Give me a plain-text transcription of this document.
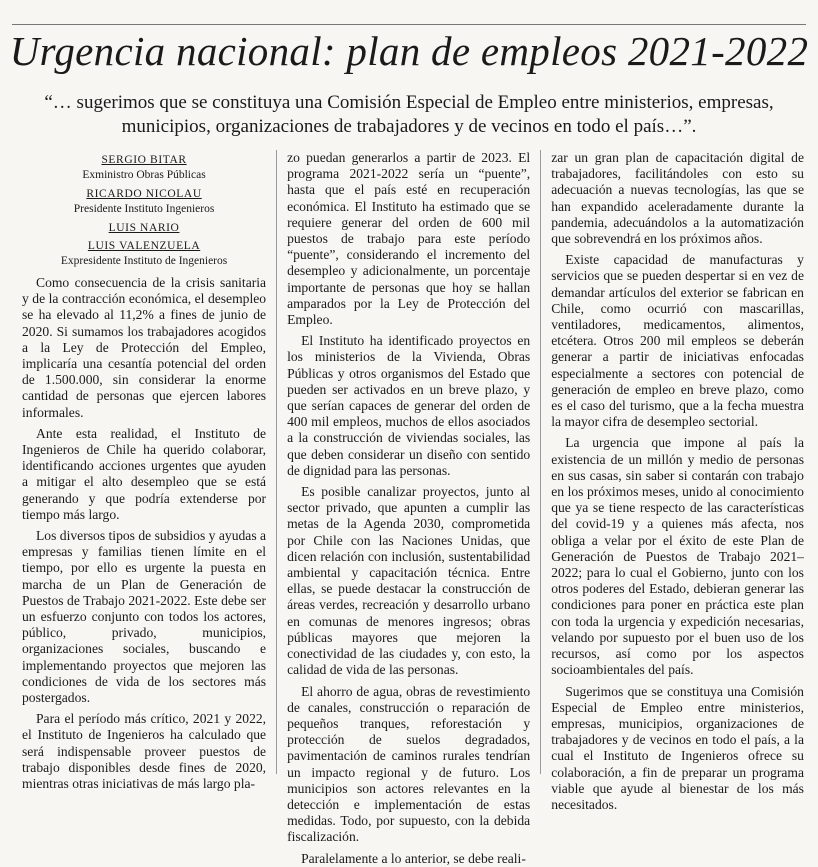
Urgencia nacional: plan de empleos 2021-2022
“… sugerimos que se constituya una Comisión Especial de Empleo entre ministerios, empresas, municipios, organizaciones de trabajadores y de vecinos en todo el país…”.
SERGIO BITAR
Exministro Obras Públicas
RICARDO NICOLAU
Presidente Instituto Ingenieros
LUIS NARIO
LUIS VALENZUELA
Expresidente Instituto de Ingenieros

Como consecuencia de la crisis sanitaria y de la contracción económica, el desempleo se ha elevado al 11,2% a fines de junio de 2020. Si sumamos los trabajadores acogidos a la Ley de Protección del Empleo, implicaría una cesantía potencial del orden de 1.500.000, sin considerar la enorme cantidad de personas que ejercen labores informales.

Ante esta realidad, el Instituto de Ingenieros de Chile ha querido colaborar, identificando acciones urgentes que ayuden a mitigar el alto desempleo que se está generando y que podría extenderse por tiempo más largo.

Los diversos tipos de subsidios y ayudas a empresas y familias tienen límite en el tiempo, por ello es urgente la puesta en marcha de un Plan de Generación de Puestos de Trabajo 2021-2022. Este debe ser un esfuerzo conjunto con todos los actores, público, privado, municipios, organizaciones sociales, buscando e implementando proyectos que mejoren las condiciones de vida de los sectores más postergados.

Para el período más crítico, 2021 y 2022, el Instituto de Ingenieros ha calculado que será indispensable proveer puestos de trabajo disponibles desde fines de 2020, mientras otras iniciativas de más largo pla-

zo puedan generarlos a partir de 2023. El programa 2021-2022 sería un “puente”, hasta que el país esté en recuperación económica. El Instituto ha estimado que se requiere generar del orden de 600 mil puestos de trabajo para este período “puente”, considerando el incremento del desempleo y adicionalmente, un porcentaje importante de personas que hoy se hallan amparados por la Ley de Protección del Empleo.

El Instituto ha identificado proyectos en los ministerios de la Vivienda, Obras Públicas y otros organismos del Estado que pueden ser activados en un breve plazo, y que serían capaces de generar del orden de 400 mil empleos, muchos de ellos asociados a la construcción de viviendas sociales, las que deben considerar un diseño con sentido de dignidad para las personas.

Es posible canalizar proyectos, junto al sector privado, que apunten a cumplir las metas de la Agenda 2030, comprometida por Chile con las Naciones Unidas, que dicen relación con inclusión, sustentabilidad ambiental y capacitación técnica. Entre ellas, se puede destacar la construcción de áreas verdes, recreación y desarrollo urbano en comunas de menores ingresos; obras públicas mayores que mejoren la conectividad de las ciudades y, con esto, la calidad de vida de las personas.

El ahorro de agua, obras de revestimiento de canales, construcción o reparación de pequeños tranques, reforestación y protección de suelos degradados, pavimentación de caminos rurales tendrían un impacto regional y de futuro. Los municipios son actores relevantes en la detección e implementación de estas medidas. Todo, por supuesto, con la debida fiscalización.

Paralelamente a lo anterior, se debe reali-

zar un gran plan de capacitación digital de trabajadores, facilitándoles con esto su adecuación a nuevas tecnologías, las que se han expandido aceleradamente durante la pandemia, adecuándolos a la automatización que sobrevendrá en los próximos años.

Existe capacidad de manufacturas y servicios que se pueden despertar si en vez de demandar artículos del exterior se fabrican en Chile, como ocurrió con mascarillas, ventiladores, medicamentos, alimentos, etcétera. Otros 200 mil empleos se deberán generar a partir de iniciativas enfocadas especialmente a sectores con potencial de generación de empleo en breve plazo, como es el caso del turismo, que a la fecha muestra la mayor cifra de desempleo sectorial.

La urgencia que impone al país la existencia de un millón y medio de personas en sus casas, sin saber si contarán con trabajo en los próximos meses, unido al conocimiento que ya se tiene respecto de las características del covid-19 y a quienes más afecta, nos obliga a velar por el éxito de este Plan de Generación de Puestos de Trabajo 2021–2022; para lo cual el Gobierno, junto con los otros poderes del Estado, debieran generar las condiciones para poner en práctica este plan con toda la urgencia y expedición necesarias, velando por supuesto por el buen uso de los recursos, así como por los aspectos socioambientales del país.

Sugerimos que se constituya una Comisión Especial de Empleo entre ministerios, empresas, municipios, organizaciones de trabajadores y de vecinos en todo el país, a la cual el Instituto de Ingenieros ofrece su colaboración, a fin de preparar un programa viable que ayude al bienestar de los más necesitados.
